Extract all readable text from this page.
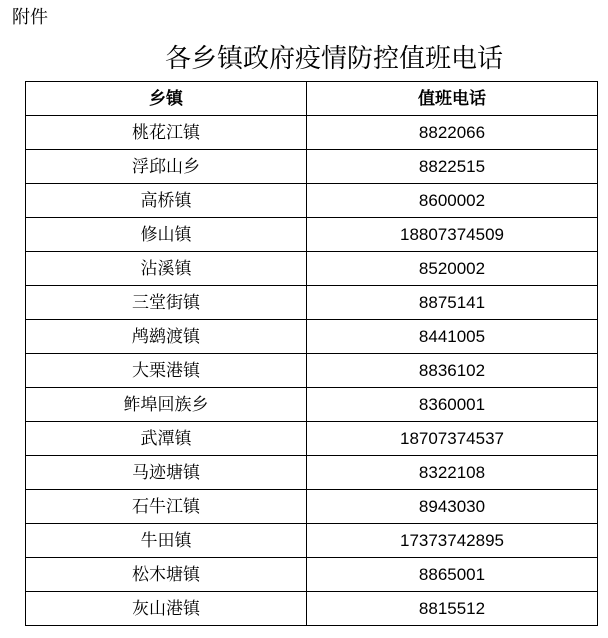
附件
各乡镇政府疫情防控值班电话
乡镇	值班电话
桃花江镇	8822066
浮邱山乡	8822515
高桥镇	8600002
修山镇	18807374509
沾溪镇	8520002
三堂街镇	8875141
鸬鹚渡镇	8441005
大栗港镇	8836102
鲊埠回族乡	8360001
武潭镇	18707374537
马迹塘镇	8322108
石牛江镇	8943030
牛田镇	17373742895
松木塘镇	8865001
灰山港镇	8815512
